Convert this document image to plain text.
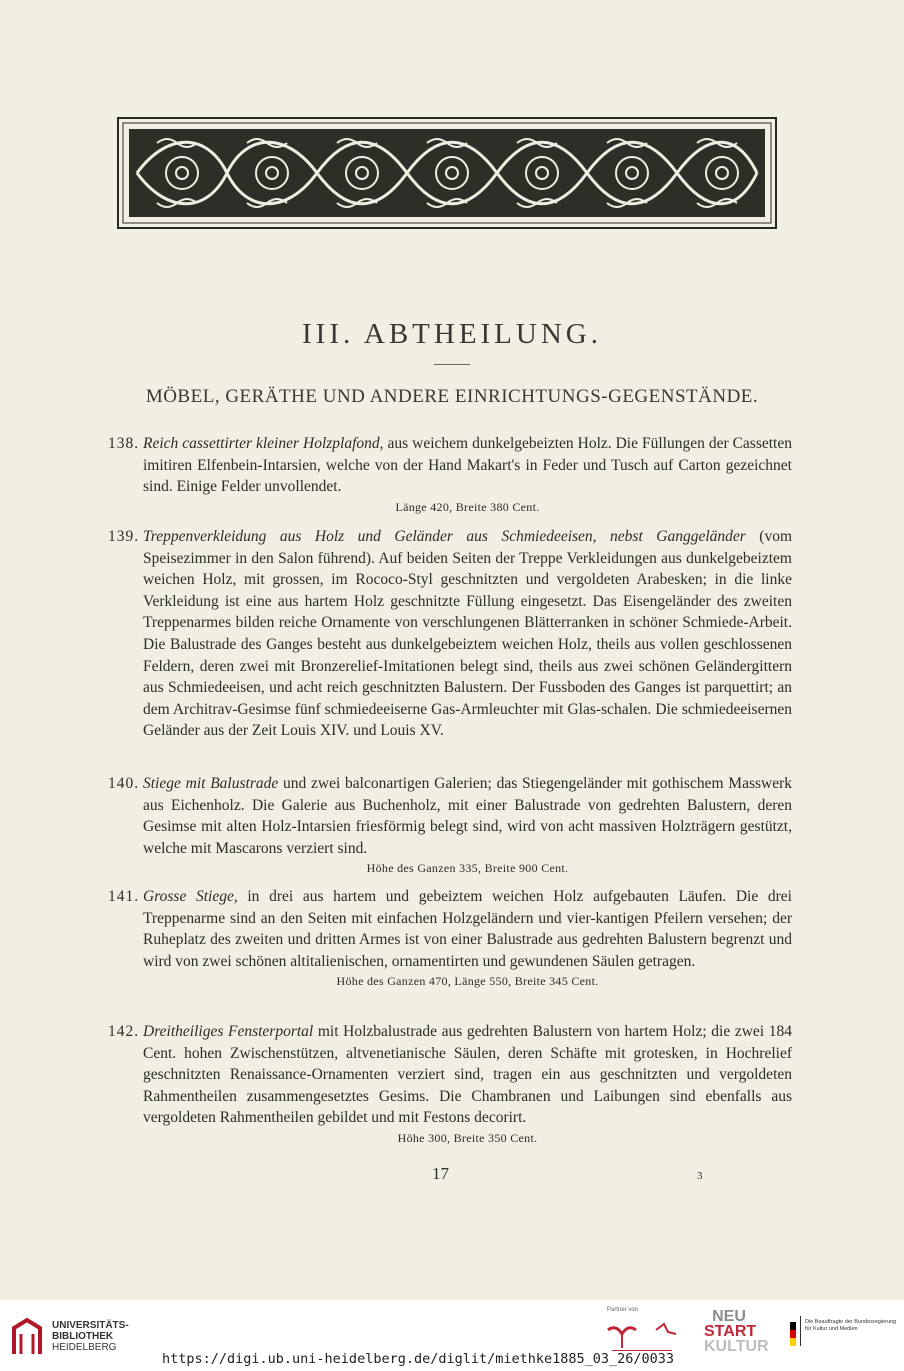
III. ABTHEILUNG.
MÖBEL, GERÄTHE UND ANDERE EINRICHTUNGS-GEGENSTÄNDE.
138. Reich cassettirter kleiner Holzplafond, aus weichem dunkelgebeizten Holz. Die Füllungen der Cassetten imitiren Elfenbein-Intarsien, welche von der Hand Makart's in Feder und Tusch auf Carton gezeichnet sind. Einige Felder unvollendet.
Länge 420, Breite 380 Cent.
139. Treppenverkleidung aus Holz und Geländer aus Schmiedeeisen, nebst Ganggeländer (vom Speisezimmer in den Salon führend). Auf beiden Seiten der Treppe Verkleidungen aus dunkelgebeiztem weichen Holz, mit grossen, im Rococo-Styl geschnitzten und vergoldeten Arabesken; in die linke Verkleidung ist eine aus hartem Holz geschnitzte Füllung eingesetzt. Das Eisengeländer des zweiten Treppenarmes bilden reiche Ornamente von verschlungenen Blätterranken in schöner Schmiede-Arbeit. Die Balustrade des Ganges besteht aus dunkelgebeiztem weichen Holz, theils aus vollen geschlossenen Feldern, deren zwei mit Bronzerelief-Imitationen belegt sind, theils aus zwei schönen Geländergittern aus Schmiedeeisen, und acht reich geschnitzten Balustern. Der Fussboden des Ganges ist parquettirt; an dem Architrav-Gesimse fünf schmiedeeiserne Gas-Armleuchter mit Glas-schalen. Die schmiedeeisernen Geländer aus der Zeit Louis XIV. und Louis XV.
140. Stiege mit Balustrade und zwei balconartigen Galerien; das Stiegengeländer mit gothischem Masswerk aus Eichenholz. Die Galerie aus Buchenholz, mit einer Balustrade von gedrehten Balustern, deren Gesimse mit alten Holz-Intarsien friesförmig belegt sind, wird von acht massiven Holzträgern gestützt, welche mit Mascarons verziert sind.
Höhe des Ganzen 335, Breite 900 Cent.
141. Grosse Stiege, in drei aus hartem und gebeiztem weichen Holz aufgebauten Läufen. Die drei Treppenarme sind an den Seiten mit einfachen Holzgeländern und vier-kantigen Pfeilern versehen; der Ruheplatz des zweiten und dritten Armes ist von einer Balustrade aus gedrehten Balustern begrenzt und wird von zwei schönen altitalienischen, ornamentirten und gewundenen Säulen getragen.
Höhe des Ganzen 470, Länge 550, Breite 345 Cent.
142. Dreitheiliges Fensterportal mit Holzbalustrade aus gedrehten Balustern von hartem Holz; die zwei 184 Cent. hohen Zwischenstützen, altvenetianische Säulen, deren Schäfte mit grotesken, in Hochrelief geschnitzten Renaissance-Ornamenten verziert sind, tragen ein aus geschnitzten und vergoldeten Rahmentheilen zusammengesetztes Gesims. Die Chambranen und Laibungen sind ebenfalls aus vergoldeten Rahmentheilen gebildet und mit Festons decorirt.
Höhe 300, Breite 350 Cent.
17	3
UNIVERSITÄTS-
BIBLIOTHEK
HEIDELBERG
Partner von	NEU
START
KULTUR
Die Beauftragte der Bundesregierung
für Kultur und Medien
https://digi.ub.uni-heidelberg.de/diglit/miethke1885_03_26/0033
